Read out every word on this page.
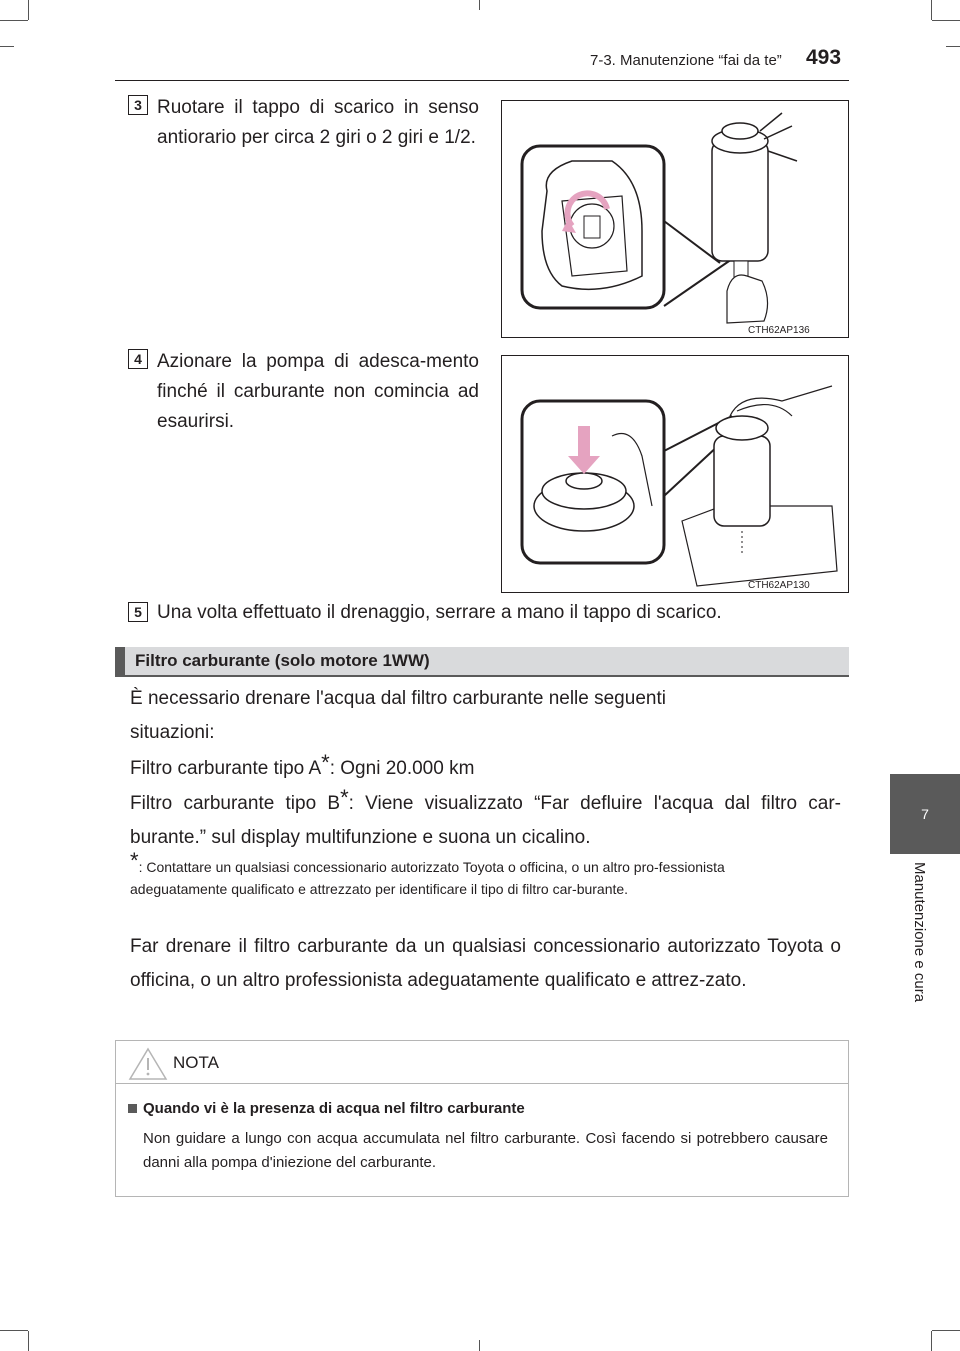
7-3. Manutenzione “fai da te” 493
7
Manutenzione e cura
3 Ruotare il tappo di scarico in senso antiorario per circa 2 giri o 2 giri e 1/2.
CTH62AP136
4 Azionare la pompa di adesca-mento finché il carburante non comincia ad esaurirsi.
CTH62AP130
5 Una volta effettuato il drenaggio, serrare a mano il tappo di scarico.
Filtro carburante (solo motore 1WW)
È necessario drenare l'acqua dal filtro carburante nelle seguenti situazioni:
Filtro carburante tipo A*: Ogni 20.000 km
Filtro carburante tipo B*: Viene visualizzato “Far defluire l'acqua dal filtro car-burante.” sul display multifunzione e suona un cicalino.
*: Contattare un qualsiasi concessionario autorizzato Toyota o officina, o un altro pro-fessionista adeguatamente qualificato e attrezzato per identificare il tipo di filtro car-burante.
Far drenare il filtro carburante da un qualsiasi concessionario autorizzato Toyota o officina, o un altro professionista adeguatamente qualificato e attrez-zato.
NOTA
Quando vi è la presenza di acqua nel filtro carburante
Non guidare a lungo con acqua accumulata nel filtro carburante. Così facendo si potrebbero causare danni alla pompa d'iniezione del carburante.
